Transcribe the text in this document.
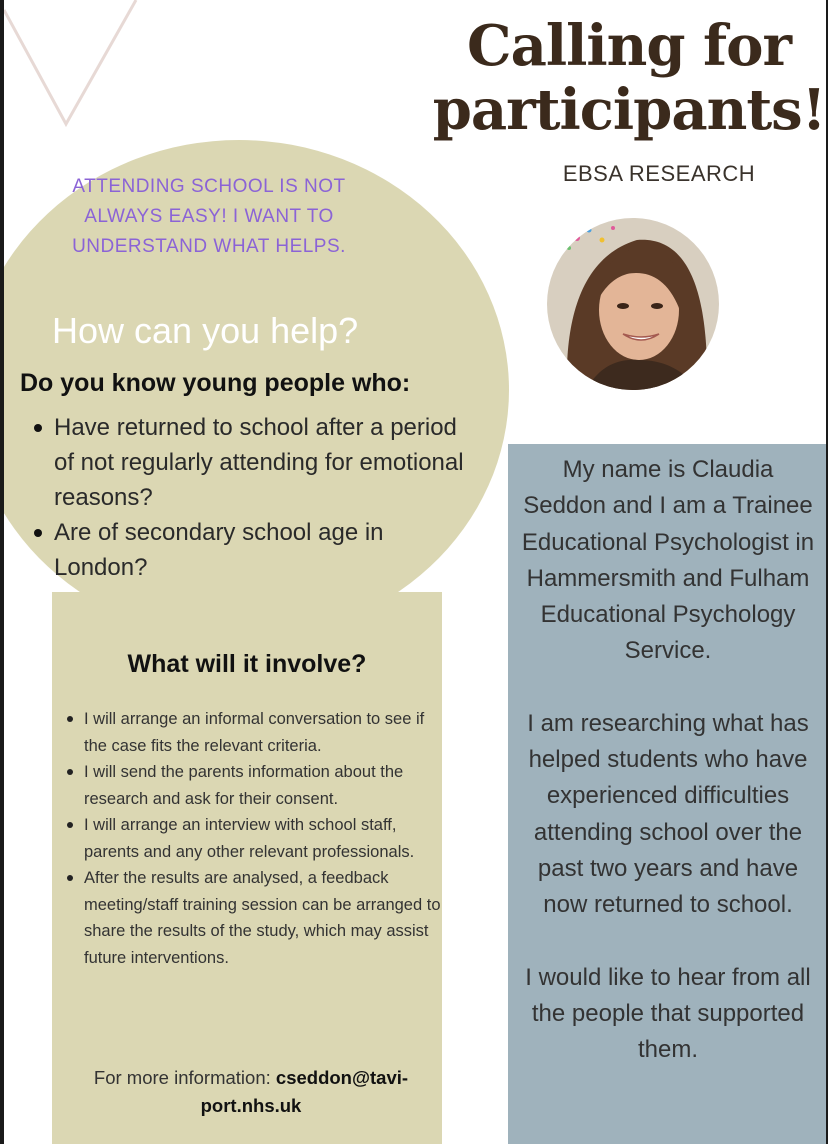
Calling for
participants!
EBSA RESEARCH
ATTENDING SCHOOL IS NOT ALWAYS EASY! I WANT TO UNDERSTAND WHAT HELPS.
How can you help?
Do you know young people who:
Have returned to school after a period of not regularly attending for emotional reasons?
Are of secondary school age in London?
What will it involve?
I will arrange an informal conversation to see if the case fits the relevant criteria.
I will send the parents information about the research and ask for their consent.
I will arrange an interview with school staff, parents and any other relevant professionals.
After the results are analysed, a feedback meeting/staff training session can be arranged to share the results of the study, which may assist future interventions.
For more information: cseddon@tavi-port.nhs.uk

My name is Claudia Seddon and I am a Trainee Educational Psychologist in Hammersmith and Fulham Educational Psychology Service.

I am researching what has helped students who have experienced difficulties attending school over the past two years and have now returned to school.

I would like to hear from all the people that supported them.
